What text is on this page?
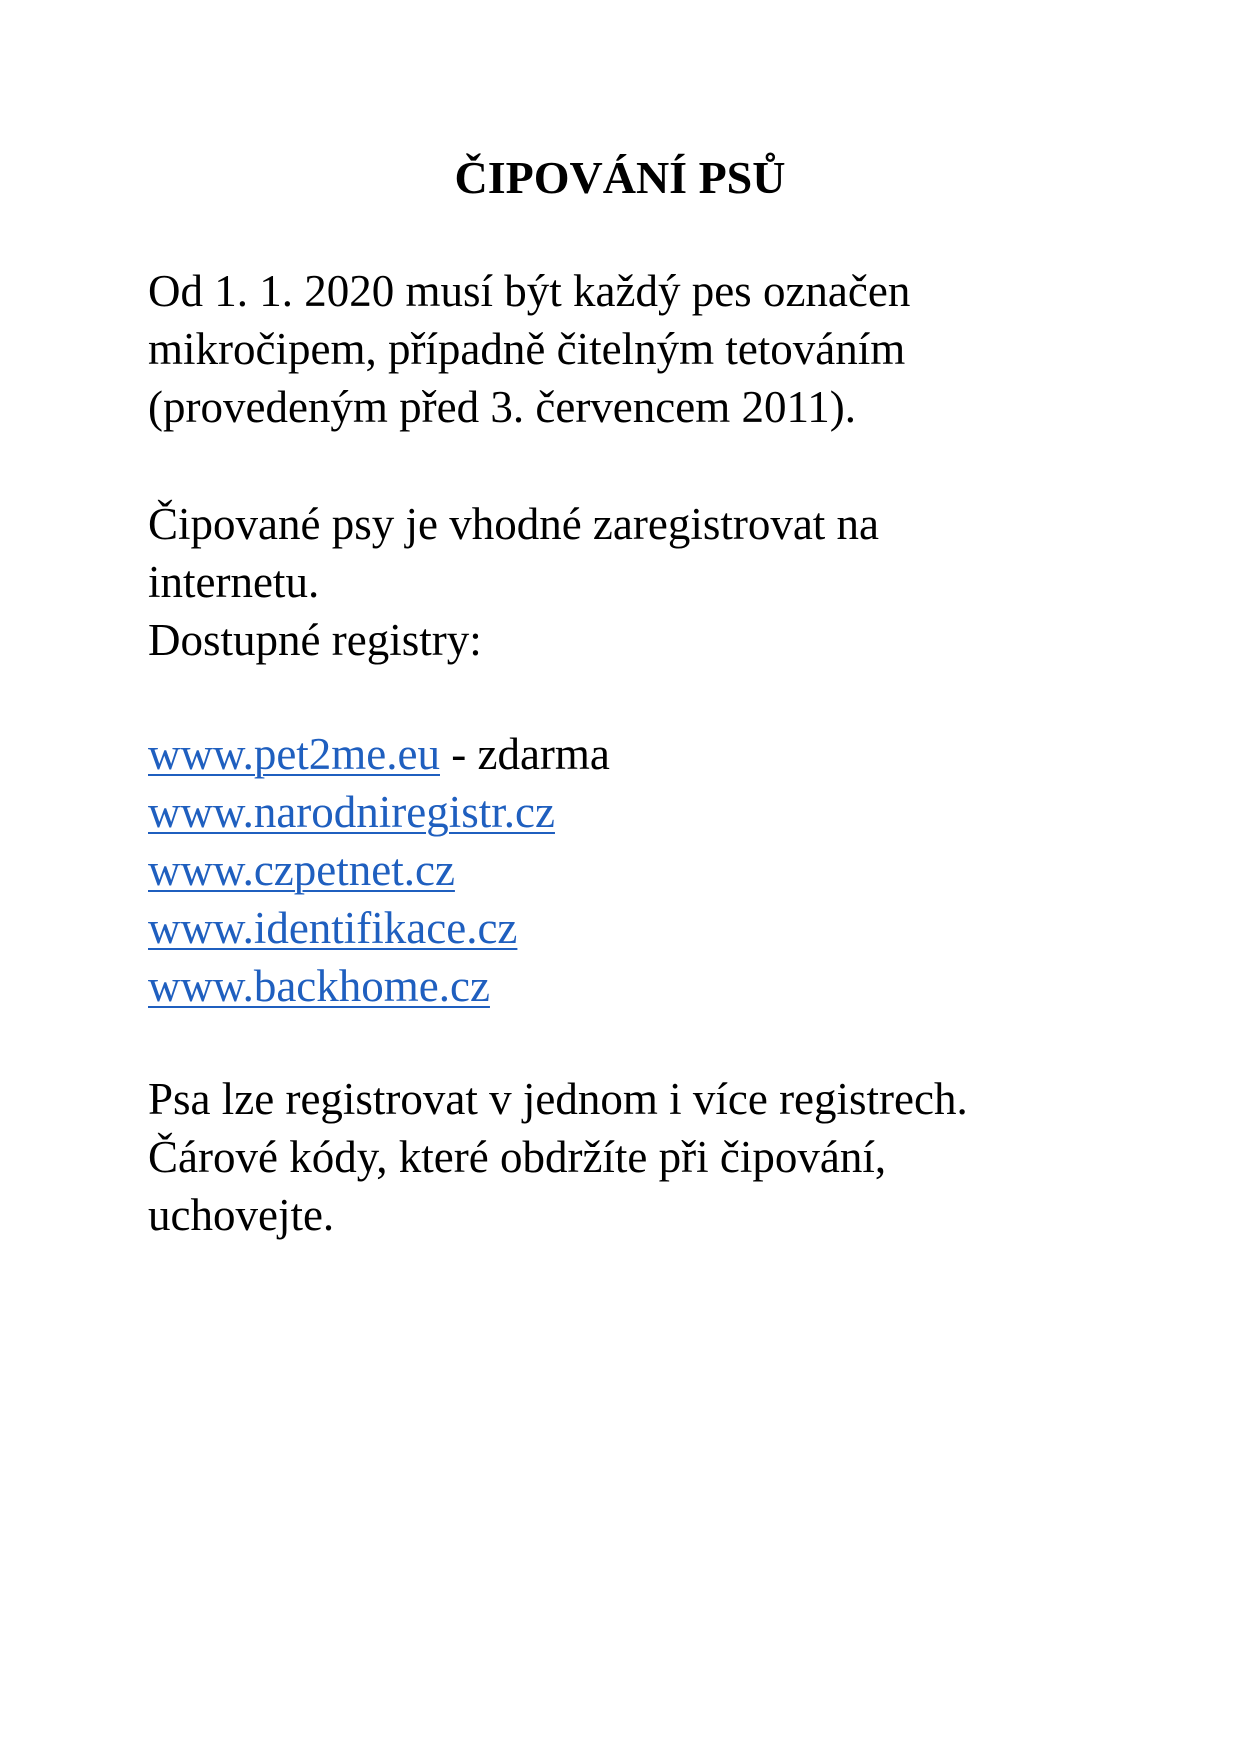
ČIPOVÁNÍ PSŮ
Od 1. 1. 2020 musí být každý pes označen
mikročipem, případně čitelným tetováním
(provedeným před 3. červencem 2011).
Čipované psy je vhodné zaregistrovat na
internetu.
Dostupné registry:
www.pet2me.eu - zdarma
www.narodniregistr.cz
www.czpetnet.cz
www.identifikace.cz
www.backhome.cz
Psa lze registrovat v jednom i více registrech.
Čárové kódy, které obdržíte při čipování,
uchovejte.
